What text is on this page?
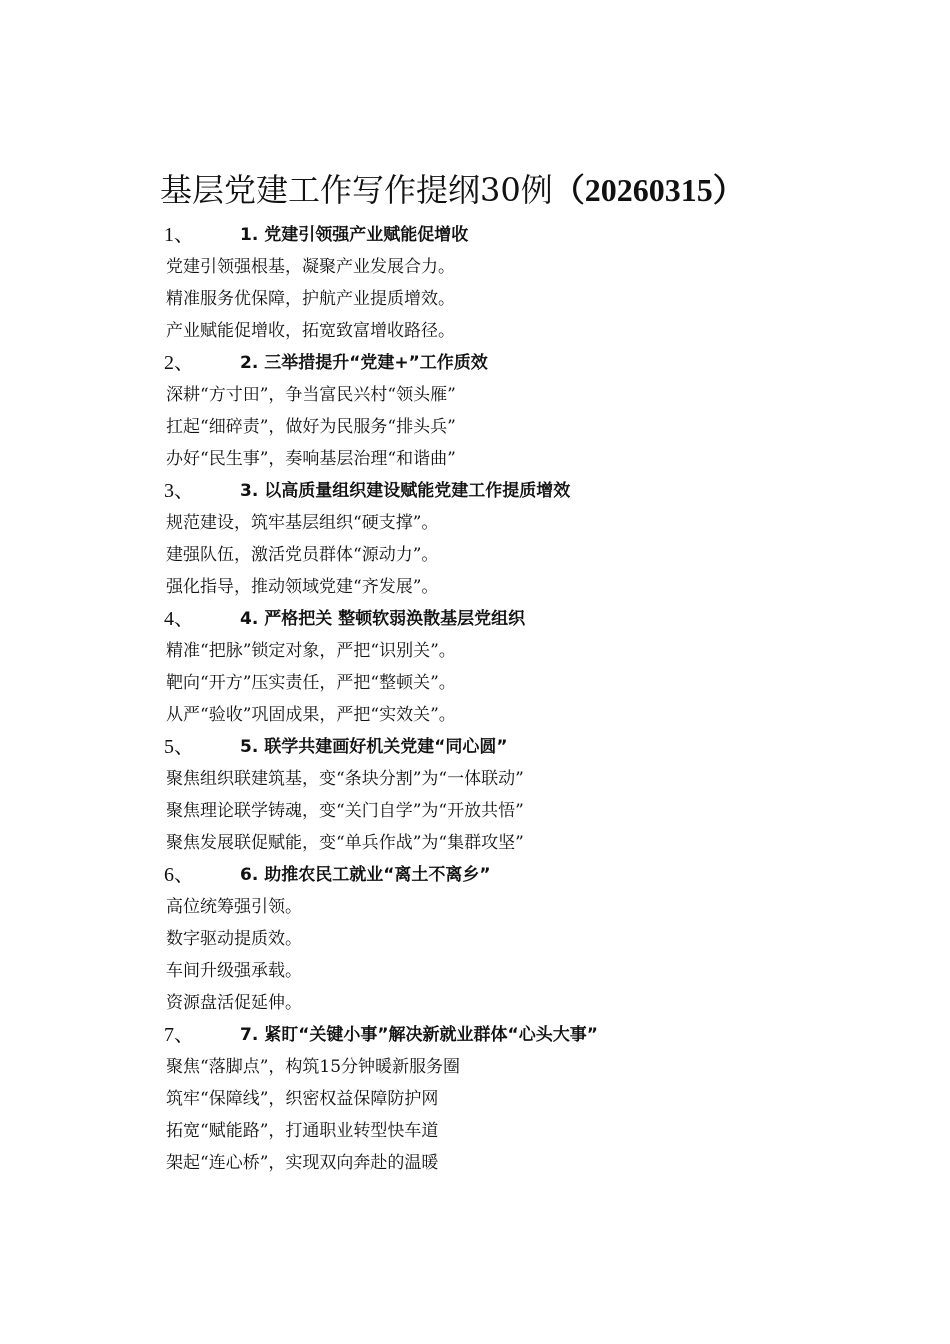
基层党建工作写作提纲30例（20260315）
1、	1. 党建引领强产业赋能促增收
党建引领强根基，凝聚产业发展合力。
精准服务优保障，护航产业提质增效。
产业赋能促增收，拓宽致富增收路径。
2、	2. 三举措提升“党建+”工作质效
深耕“方寸田”，争当富民兴村“领头雁”
扛起“细碎责”，做好为民服务“排头兵”
办好“民生事”，奏响基层治理“和谐曲”
3、	3. 以高质量组织建设赋能党建工作提质增效
规范建设，筑牢基层组织“硬支撑”。
建强队伍，激活党员群体“源动力”。
强化指导，推动领域党建“齐发展”。
4、	4. 严格把关 整顿软弱涣散基层党组织
精准“把脉”锁定对象，严把“识别关”。
靶向“开方”压实责任，严把“整顿关”。
从严“验收”巩固成果，严把“实效关”。
5、	5. 联学共建画好机关党建“同心圆”
聚焦组织联建筑基，变“条块分割”为“一体联动”
聚焦理论联学铸魂，变“关门自学”为“开放共悟”
聚焦发展联促赋能，变“单兵作战”为“集群攻坚”
6、	6. 助推农民工就业“离土不离乡”
高位统筹强引领。
数字驱动提质效。
车间升级强承载。
资源盘活促延伸。
7、	7. 紧盯“关键小事”解决新就业群体“心头大事”
聚焦“落脚点”，构筑15分钟暖新服务圈
筑牢“保障线”，织密权益保障防护网
拓宽“赋能路”，打通职业转型快车道
架起“连心桥”，实现双向奔赴的温暖
